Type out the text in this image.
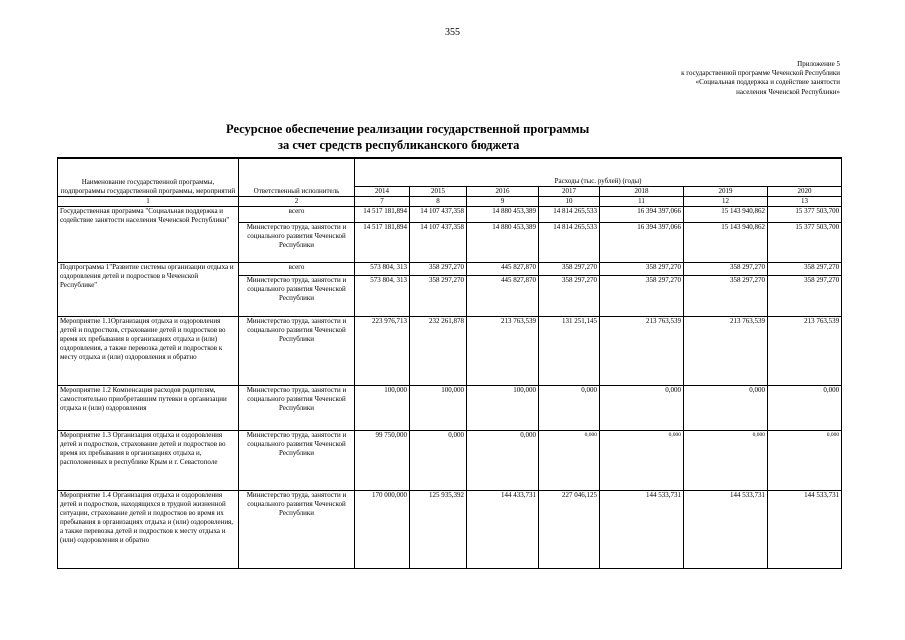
355
Приложение 5
к государственной программе Чеченской Республики
«Социальная поддержка и содействие занятости
населения Чеченской Республики»
Ресурсное обеспечение реализации государственной программы
за счет средств республиканского бюджета
Наименование государственной программы, подпрограммы государственной программы, мероприятий	Ответственный исполнитель	Расходы (тыс. рублей) (годы)						
		2014	2015	2016	2017	2018	2019	2020
1	2	7	8	9	10	11	12	13
Государственная программа "Социальная поддержка и содействие занятости населения Чеченской Республики"	всего	14 517 181,894	14 107 437,358	14 880 453,389	14 814 265,533	16 394 397,066	15 143 940,862	15 377 503,700
	Министерство труда, занятости и социального развития Чеченской Республики	14 517 181,894	14 107 437,358	14 880 453,389	14 814 265,533	16 394 397,066	15 143 940,862	15 377 503,700
Подпрограмма 1"Развитие системы организации отдыха и оздоровления детей и подростков в Чеченской Республике"	всего	573 804, 313	358 297,270	445 827,870	358 297,270	358 297,270	358 297,270	358 297,270
	Министерство труда, занятости и социального развития Чеченской Республики	573 804, 313	358 297,270	445 827,870	358 297,270	358 297,270	358 297,270	358 297,270
Мероприятие 1.1Организация отдыха и оздоровления детей и подростков, страхование детей и подростков во время их пребывания в организациях отдыха и (или) оздоровления, а также перевозка детей и подростков к месту отдыха и (или) оздоровления и обратно	Министерство труда, занятости и социального развития Чеченской Республики	223 976,713	232 261,878	213 763,539	131 251,145	213 763,539	213 763,539	213 763,539
Мероприятие 1.2 Компенсация расходов родителям, самостоятельно приобретавшим путевки в организации отдыха и (или) оздоровления	Министерство труда, занятости и социального развития Чеченской Республики	100,000	100,000	100,000	0,000	0,000	0,000	0,000
Мероприятие 1.3 Организация отдыха и оздоровления детей и подростков, страхование детей и подростков во время их пребывания в организациях отдыха и, расположенных в республике Крым и г. Севастополе	Министерство труда, занятости и социального развития Чеченской Республики	99 750,000	0,000	0,000	0,000	0,000	0,000	0,000
Мероприятие 1.4 Организация отдыха и оздоровления детей и подростков, находящихся в трудной жизненной ситуации, страхование детей и подростков во время их пребывания в организациях отдыха и (или) оздоровления, а также перевозка детей и подростков к месту отдыха и (или) оздоровления и обратно	Министерство труда, занятости и социального развития Чеченской Республики	170 000,000	125 935,392	144 433,731	227 046,125	144 533,731	144 533,731	144 533,731
